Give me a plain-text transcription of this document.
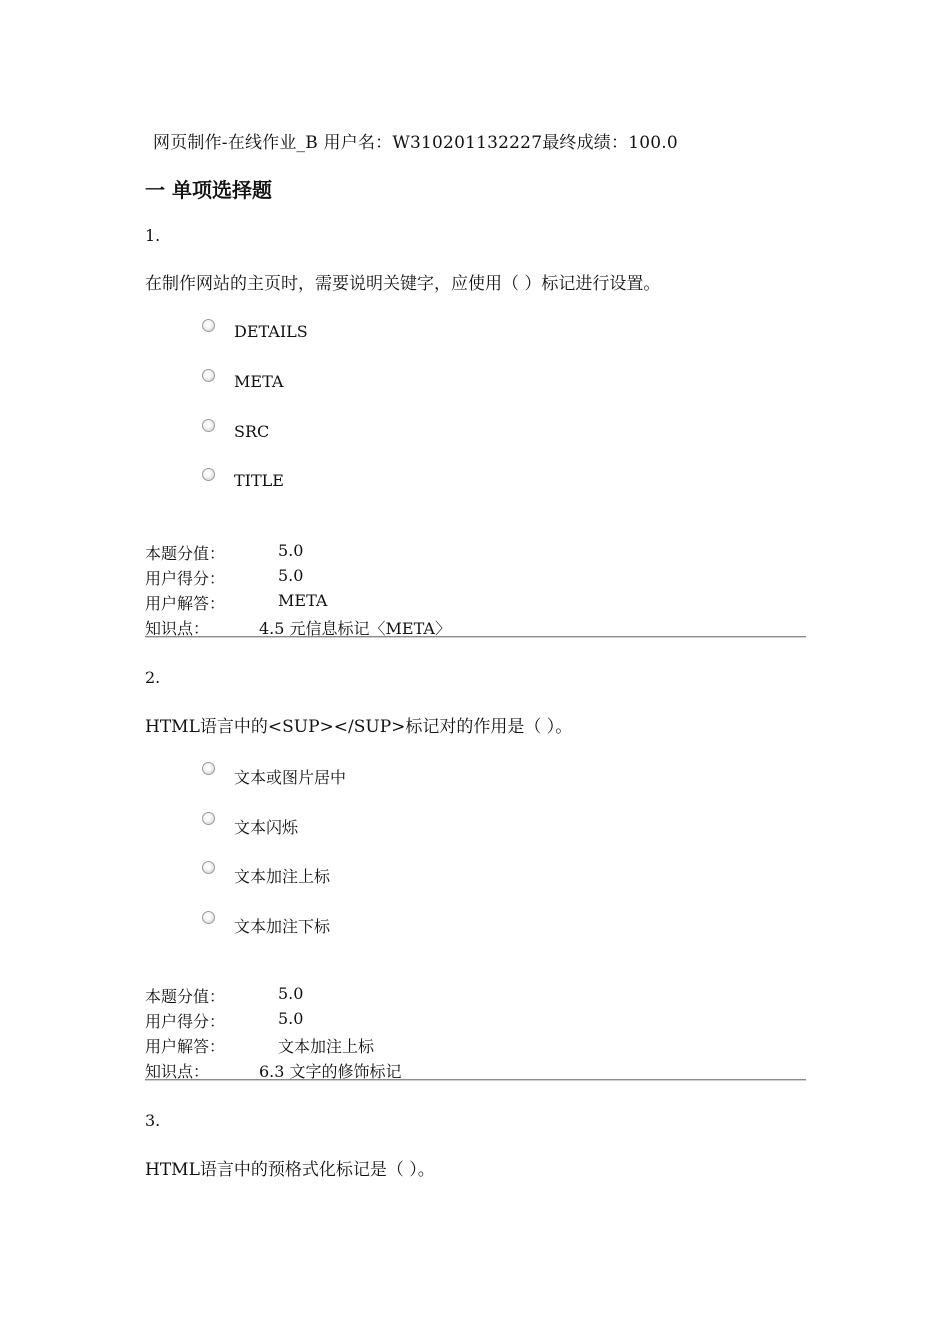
网页制作-在线作业_B 用户名：W310201132227最终成绩：100.0
一 单项选择题
1.
在制作网站的主页时，需要说明关键字，应使用（ ）标记进行设置。
DETAILS
META
SRC
TITLE
本题分值：	5.0
用户得分：	5.0
用户解答：	META
知识点：	4.5 元信息标记〈META〉
2.
HTML语言中的<SUP></SUP>标记对的作用是（ ）。
文本或图片居中
文本闪烁
文本加注上标
文本加注下标
本题分值：	5.0
用户得分：	5.0
用户解答：	文本加注上标
知识点：	6.3 文字的修饰标记
3.
HTML语言中的预格式化标记是（ ）。
